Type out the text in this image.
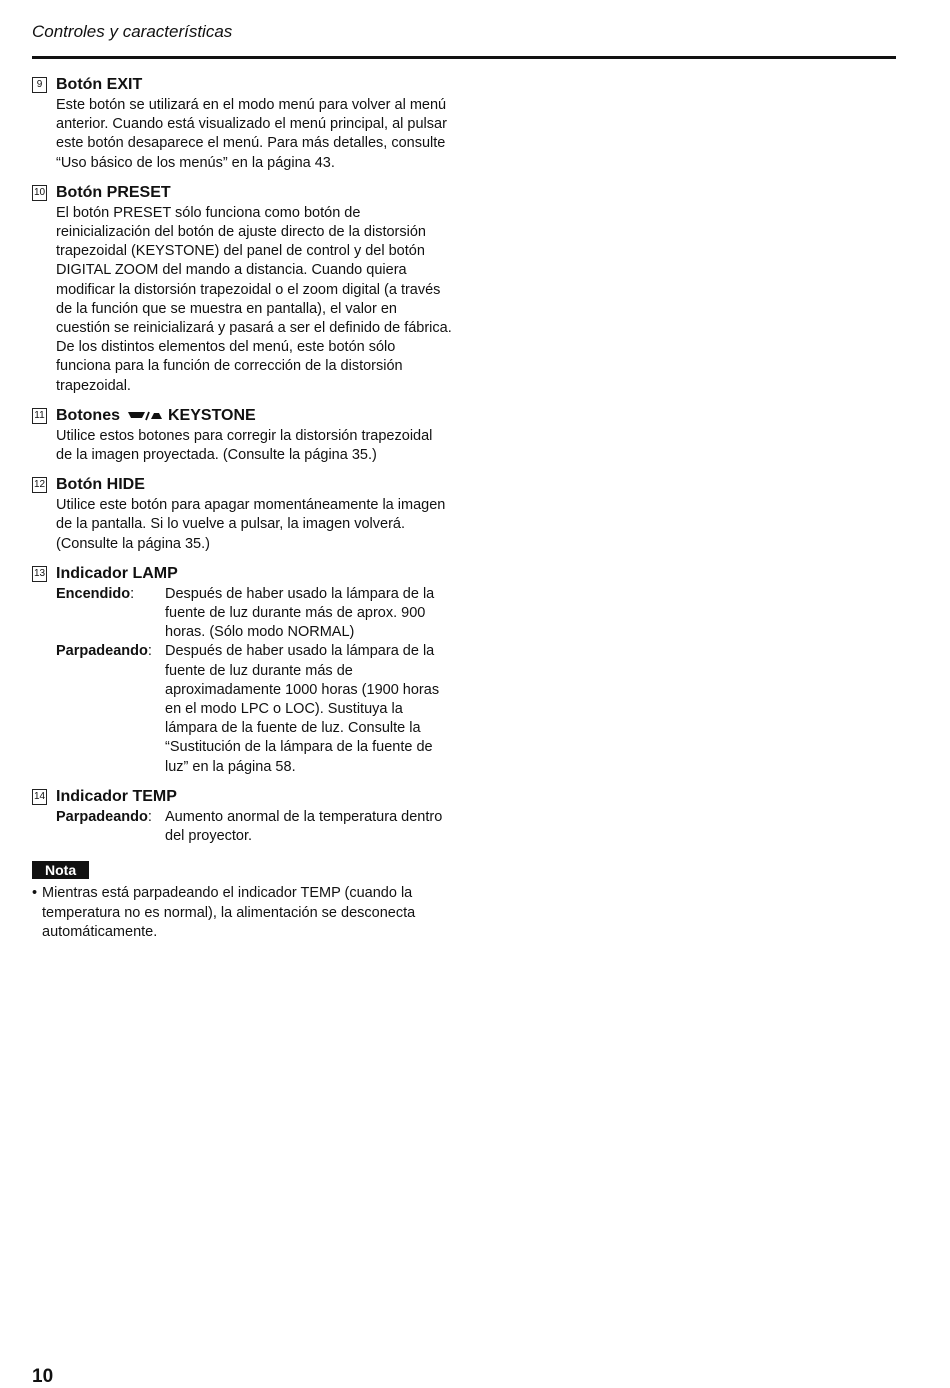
Controles y características
9 Botón EXIT
Este botón se utilizará en el modo menú para volver al menú anterior. Cuando está visualizado el menú principal, al pulsar este botón desaparece el menú. Para más detalles, consulte “Uso básico de los menús” en la página 43.
10 Botón PRESET
El botón PRESET sólo funciona como botón de reinicialización del botón de ajuste directo de la distorsión trapezoidal (KEYSTONE) del panel de control y del botón DIGITAL ZOOM del mando a distancia. Cuando quiera modificar la distorsión trapezoidal o el zoom digital (a través de la función que se muestra en pantalla), el valor en cuestión se reinicializará y pasará a ser el definido de fábrica. De los distintos elementos del menú, este botón sólo funciona para la función de corrección de la distorsión trapezoidal.
11 Botones	KEYSTONE
Utilice estos botones para corregir la distorsión trapezoidal de la imagen proyectada. (Consulte la página 35.)
12 Botón HIDE
Utilice este botón para apagar momentáneamente la imagen de la pantalla. Si lo vuelve a pulsar, la imagen volverá. (Consulte la página 35.)
13 Indicador LAMP
Encendido:	Después de haber usado la lámpara de la fuente de luz durante más de aprox. 900 horas. (Sólo modo NORMAL)
Parpadeando: Después de haber usado la lámpara de la fuente de luz durante más de aproximadamente 1000 horas (1900 horas en el modo LPC o LOC). Sustituya la lámpara de la fuente de luz. Consulte la “Sustitución de la lámpara de la fuente de luz” en la página 58.
14 Indicador TEMP
Parpadeando: Aumento anormal de la temperatura dentro del proyector.
Nota
• Mientras está parpadeando el indicador TEMP (cuando la temperatura no es normal), la alimentación se desconecta automáticamente.
10
